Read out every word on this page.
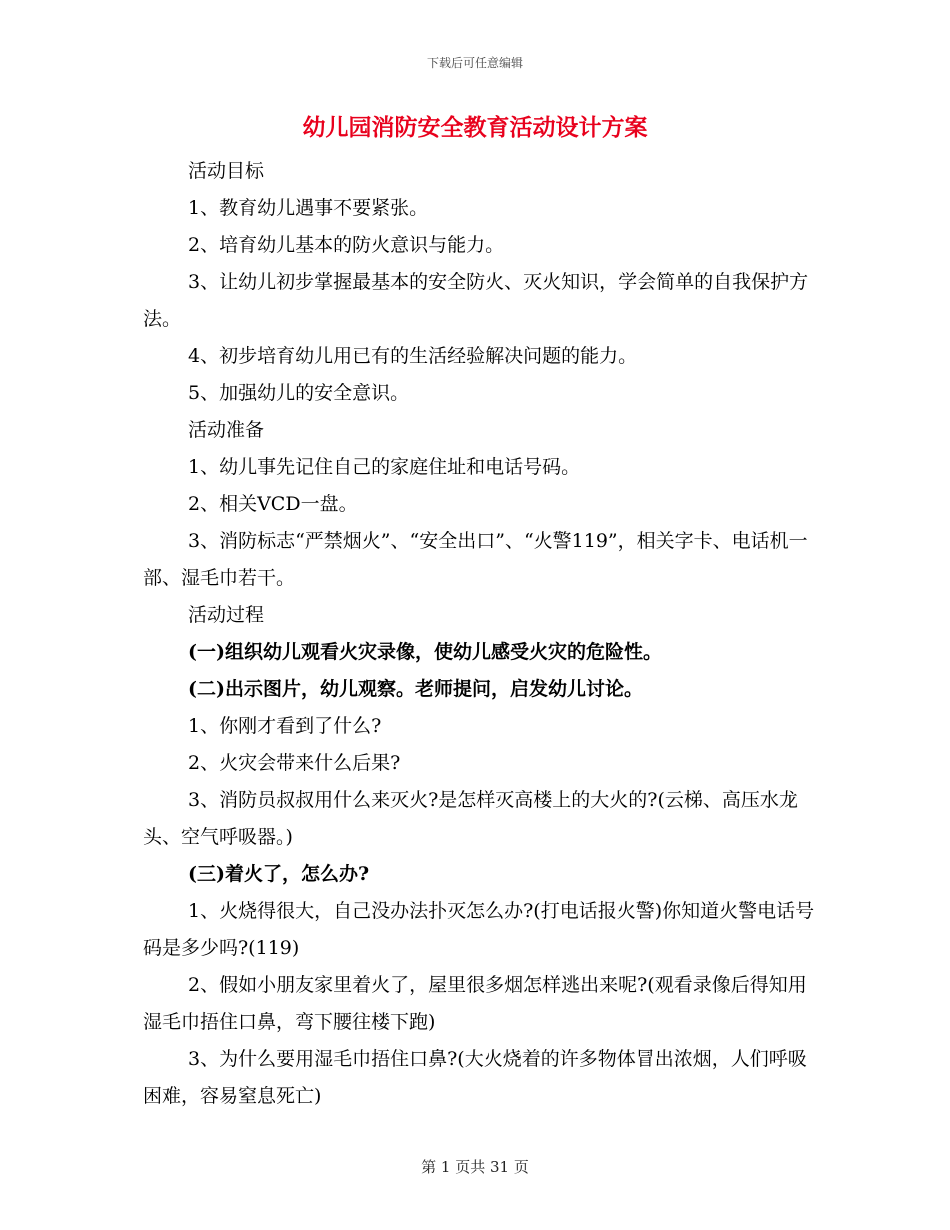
下载后可任意编辑
幼儿园消防安全教育活动设计方案

活动目标

1、教育幼儿遇事不要紧张。

2、培育幼儿基本的防火意识与能力。

3、让幼儿初步掌握最基本的安全防火、灭火知识，学会简单的自我保护方法。

4、初步培育幼儿用已有的生活经验解决问题的能力。

5、加强幼儿的安全意识。

活动准备

1、幼儿事先记住自己的家庭住址和电话号码。

2、相关VCD一盘。

3、消防标志“严禁烟火”、“安全出口”、“火警119”，相关字卡、电话机一部、湿毛巾若干。

活动过程

(一)组织幼儿观看火灾录像，使幼儿感受火灾的危险性。

(二)出示图片，幼儿观察。老师提问，启发幼儿讨论。

1、你刚才看到了什么?

2、火灾会带来什么后果?

3、消防员叔叔用什么来灭火?是怎样灭高楼上的大火的?(云梯、高压水龙头、空气呼吸器。)

(三)着火了，怎么办?

1、火烧得很大，自己没办法扑灭怎么办?(打电话报火警)你知道火警电话号码是多少吗?(119)

2、假如小朋友家里着火了，屋里很多烟怎样逃出来呢?(观看录像后得知用湿毛巾捂住口鼻，弯下腰往楼下跑)

3、为什么要用湿毛巾捂住口鼻?(大火烧着的许多物体冒出浓烟，人们呼吸困难，容易窒息死亡)

第 1 页共 31 页
